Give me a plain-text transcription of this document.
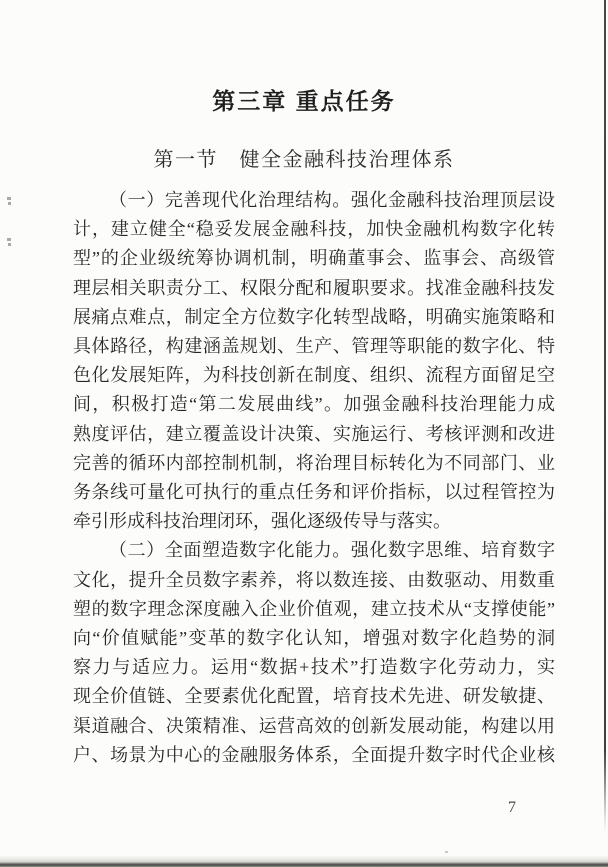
第三章 重点任务
第一节　健全金融科技治理体系
（一）完善现代化治理结构。强化金融科技治理顶层设
计，建立健全“稳妥发展金融科技，加快金融机构数字化转
型”的企业级统筹协调机制，明确董事会、监事会、高级管
理层相关职责分工、权限分配和履职要求。找准金融科技发
展痛点难点，制定全方位数字化转型战略，明确实施策略和
具体路径，构建涵盖规划、生产、管理等职能的数字化、特
色化发展矩阵，为科技创新在制度、组织、流程方面留足空
间，积极打造“第二发展曲线”。加强金融科技治理能力成
熟度评估，建立覆盖设计决策、实施运行、考核评测和改进
完善的循环内部控制机制，将治理目标转化为不同部门、业
务条线可量化可执行的重点任务和评价指标，以过程管控为
牵引形成科技治理闭环，强化逐级传导与落实。
（二）全面塑造数字化能力。强化数字思维、培育数字
文化，提升全员数字素养，将以数连接、由数驱动、用数重
塑的数字理念深度融入企业价值观，建立技术从“支撑使能”
向“价值赋能”变革的数字化认知，增强对数字化趋势的洞
察力与适应力。运用“数据+技术”打造数字化劳动力，实
现全价值链、全要素优化配置，培育技术先进、研发敏捷、
渠道融合、决策精准、运营高效的创新发展动能，构建以用
户、场景为中心的金融服务体系，全面提升数字时代企业核
7
